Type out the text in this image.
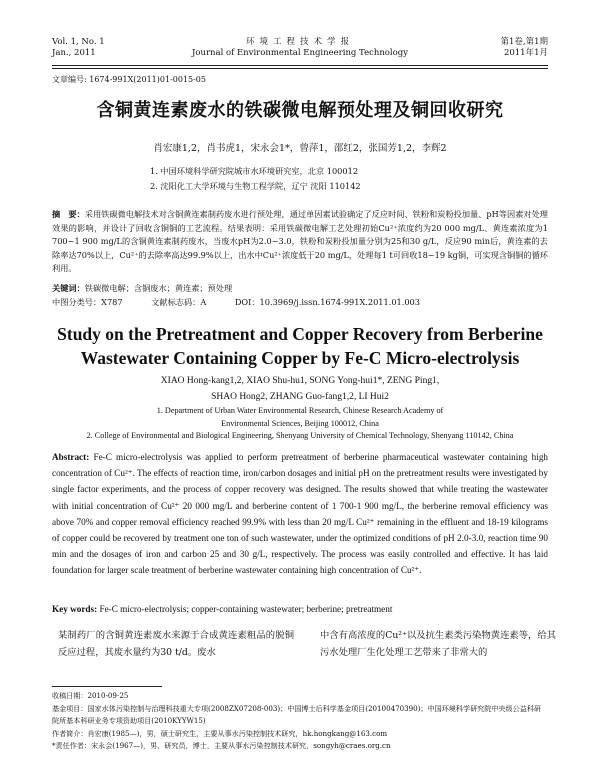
Vol. 1, No. 1
Jan., 2011
环境工程技术学报
Journal of Environmental Engineering Technology
第1卷,第1期
2011年1月
文章编号: 1674-991X(2011)01-0015-05
含铜黄连素废水的铁碳微电解预处理及铜回收研究
肖宏康1,2，肖书虎1，宋永会1*，曾萍1，邵红2，张国芳1,2，李辉2
1. 中国环境科学研究院城市水环境研究室，北京 100012
2. 沈阳化工大学环境与生物工程学院，辽宁 沈阳 110142
摘　要：采用铁碳微电解技术对含铜黄连素制药废水进行预处理，通过单因素试验确定了反应时间、铁粉和炭粉投加量、pH等因素对处理效果的影响，并设计了回收含铜铜的工艺流程。结果表明：采用铁碳微电解工艺处理初始Cu²⁺浓度约为20 000 mg/L、黄连素浓度为1 700~1 900 mg/L的含铜黄连素制药废水，当废水pH为2.0~3.0，铁粉和炭粉投加量分别为25和30 g/L，反应90 min后，黄连素的去除率达70%以上，Cu²⁺的去除率高达99.9%以上，出水中Cu²⁺浓度低于20 mg/L，处理每1 t可回收18~19 kg铜，可实现含铜铜的循环利用。
关键词：铁碳微电解；含铜废水；黄连素；预处理
中图分类号：X787	文献标志码：A	DOI：10.3969/j.issn.1674-991X.2011.01.003
Study on the Pretreatment and Copper Recovery from Berberine
Wastewater Containing Copper by Fe-C Micro-electrolysis
XIAO Hong-kang1,2, XIAO Shu-hu1, SONG Yong-hui1*, ZENG Ping1,
SHAO Hong2, ZHANG Guo-fang1,2, LI Hui2
1. Department of Urban Water Environmental Research, Chinese Research Academy of
Environmental Sciences, Beijing 100012, China
2. College of Environmental and Biological Engineering, Shenyang University of Chemical Technology, Shenyang 110142, China
Abstract: Fe-C micro-electrolysis was applied to perform pretreatment of berberine pharmaceutical wastewater containing high concentration of Cu²⁺. The effects of reaction time, iron/carbon dosages and initial pH on the pretreatment results were investigated by single factor experiments, and the process of copper recovery was designed. The results showed that while treating the wastewater with initial concentration of Cu²⁺ 20 000 mg/L and berberine content of 1 700-1 900 mg/L, the berberine removal efficiency was above 70% and copper removal efficiency reached 99.9% with less than 20 mg/L Cu²⁺ remaining in the effluent and 18-19 kilograms of copper could be recovered by treatment one ton of such wastewater, under the optimized conditions of pH 2.0-3.0, reaction time 90 min and the dosages of iron and carbon 25 and 30 g/L, respectively. The process was easily controlled and effective. It has laid foundation for larger scale treatment of berberine wastewater containing high concentration of Cu²⁺.
Key words: Fe-C micro-electrolysis; copper-containing wastewater; berberine; pretreatment
某制药厂的含铜黄连素废水来源于合成黄连素粗品的脱铜反应过程，其废水量约为30 t/d。废水
中含有高浓度的Cu²⁺以及抗生素类污染物黄连素等，给其污水处理厂生化处理工艺带来了非常大的
收稿日期：2010-09-25
基金项目：国家水体污染控制与治理科技重大专项(2008ZX07208-003)；中国博士后科学基金项目(20100470390)；中国环境科学研究院中央级公益科研院所基本科研业务专项资助项目(2010KYYW15)
作者简介：肖宏康(1985—)，男，硕士研究生，主要从事水污染控制技术研究，hk.hongkang@163.com
*责任作者：宋永会(1967—)，男，研究员，博士，主要从事水污染控制技术研究，songyh@craes.org.cn
